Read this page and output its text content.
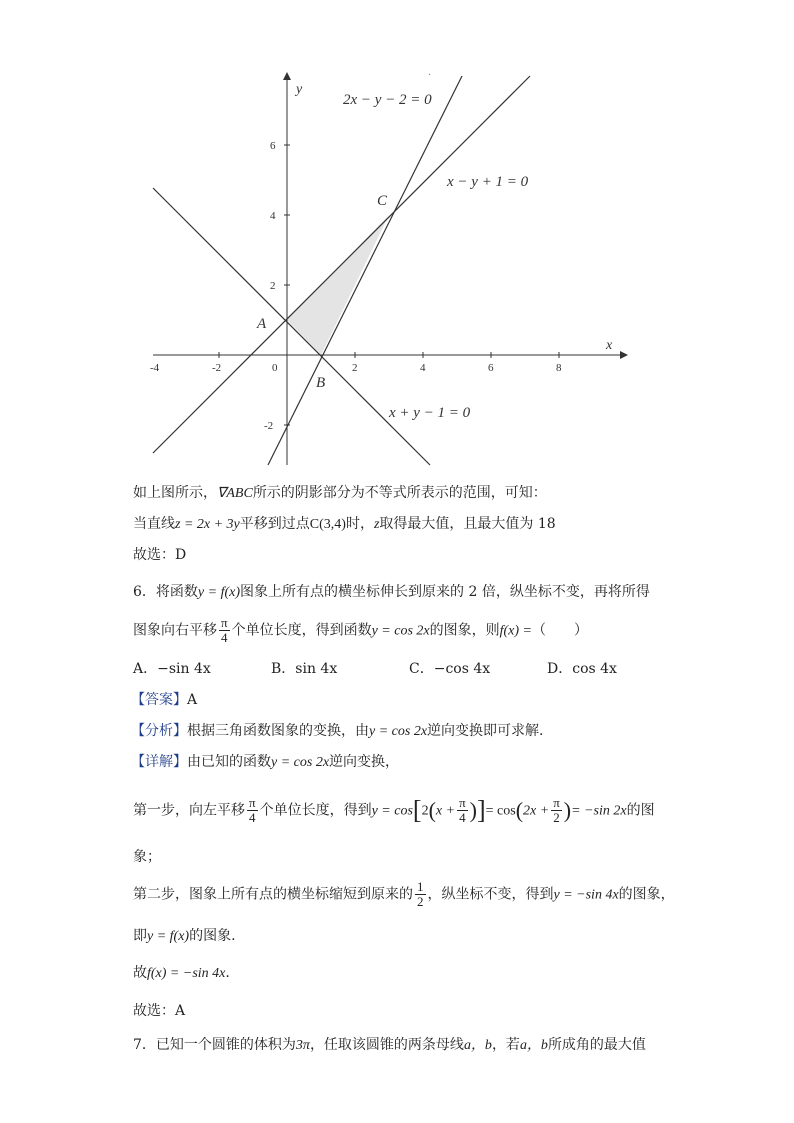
-4	-2	0	2	4	6	8
6
4
2
-2
y
x
2x − y − 2 = 0
x − y + 1 = 0
x + y − 1 = 0
A
B
C
·
如上图所示，∇ABC所示的阴影部分为不等式所表示的范围，可知：
当直线z = 2x + 3y平移到过点C(3,4)时，z取得最大值，且最大值为 18
故选：D
6．将函数y = f(x)图象上所有点的横坐标伸长到原来的 2 倍，纵坐标不变，再将所得
图象向右平移 $\frac{\pi}{4}$ 个单位长度，得到函数y = cos 2x的图象，则f(x) =（　　）
A．−sin 4x	B．sin 4x	C．−cos 4x	D．cos 4x
【答案】A
【分析】根据三角函数图象的变换，由y = cos 2x逆向变换即可求解.
【详解】由已知的函数y = cos 2x逆向变换，
第一步，向左平移 $\frac{\pi}{4}$ 个单位长度，得到$y = \cos[2(x + \frac{\pi}{4}$ )]= $\cos(2x + \frac{\pi}{2}$ )= −sin 2x的图
象；
第二步，图象上所有点的横坐标缩短到原来的 $\frac{1}{2}$ ，纵坐标不变，得到y = −sin 4x的图象，
即y = f(x)的图象.
故f(x) = −sin 4x.
故选：A
7．已知一个圆锥的体积为3π，任取该圆锥的两条母线a，b，若a，b所成角的最大值
